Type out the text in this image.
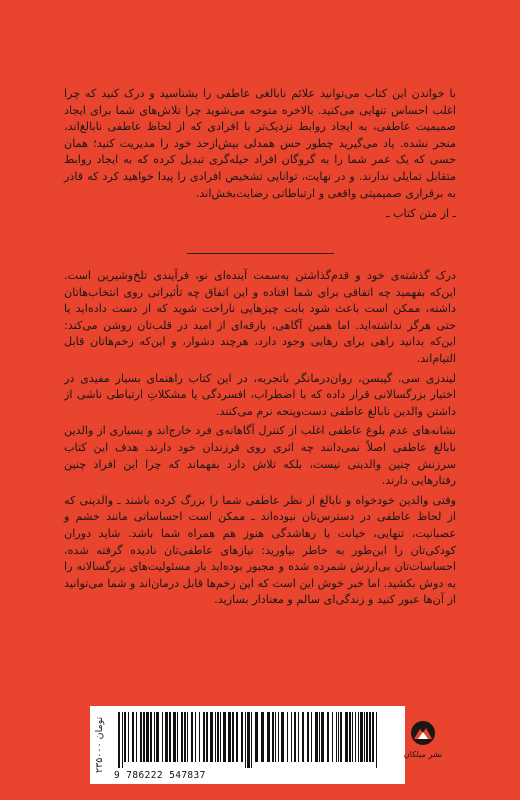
با خواندن این کتاب می‌توانید علائم نابالغی عاطفی را بشناسید و درک کنید که چرا اغلب احساس تنهایی می‌کنید. بالاخره متوجه می‌شوید چرا تلاش‌های شما برای ایجاد صمیمیت عاطفی، به ایجاد روابط نزدیک‌تر با افرادی که از لحاظ عاطفی نابالغ‌اند، منجر نشده. یاد می‌گیرید چطور حس همدلی بیش‌ازحد خود را مدیریت کنید؛ همان حسی که یک عمر شما را به گروگان افراد حیله‌گری تبدیل کرده که به ایجاد روابط متقابل تمایلی ندارند. و در نهایت، توانایی تشخیص افرادی را پیدا خواهید کرد که قادر به برقراری صمیمیتی واقعی و ارتباطاتی رضایت‌بخش‌اند.

ـ از متن کتاب ـ

درک گذشته‌ی خود و قدم‌گذاشتن به‌سمت آینده‌ای نو، فرآیندی تلخ‌وشیرین است. این‌که بفهمید چه اتفاقی برای شما افتاده و این اتفاق چه تأثیراتی روی انتخاب‌هاتان داشته، ممکن است باعث شود بابت چیزهایی ناراحت شوید که از دست داده‌اید یا حتی هرگز نداشته‌اید. اما همین آگاهی، بارقه‌ای از امید در قلب‌تان روشن می‌کند: این‌که بدانید راهی برای رهایی وجود دارد، هرچند دشوار، و این‌که زخم‌هاتان قابل التیام‌اند.

لیندزی سی. گیبسن، روان‌درمانگر باتجربه، در این کتاب راهنمای بسیار مفیدی در اختیار بزرگسالانی قرار داده که با اضطراب، افسردگی یا مشکلاتِ ارتباطی ناشی از داشتن والدین نابالغ عاطفی دست‌وپنجه نرم می‌کنند.

نشانه‌های عدم بلوغ عاطفی اغلب از کنترل آگاهانه‌ی فرد خارج‌اند و بسیاری از والدین نابالغ عاطفی اصلاً نمی‌دانند چه اثری روی فرزندان خود دارند. هدف این کتاب سرزنش چنین والدینی نیست، بلکه تلاش دارد بفهماند که چرا این افراد چنین رفتارهایی دارند.

وقتی والدین خودخواه و نابالغ از نظر عاطفی شما را بزرگ کرده باشند ـ والدینی که از لحاظ عاطفی در دسترس‌تان نبوده‌اند ـ ممکن است احساساتی مانند خشم و عصبانیت، تنهایی، خیانت یا رهاشدگی هنوز هم همراه شما باشد. شاید دوران کودکی‌تان را این‌طور به خاطر بیاورید: نیازهای عاطفی‌تان نادیده گرفته شده، احساسات‌تان بی‌ارزش شمرده شده و مجبور بوده‌اید بار مسئولیت‌های بزرگسالانه را به دوش بکشید. اما خبر خوش این است که این زخم‌ها قابل درمان‌اند و شما می‌توانید از آن‌ها عبور کنید و زندگی‌ای سالم و معنادار بسازید.

۲۳۵۰۰۰ تومان
9 786222 547837
نشر میلکان
